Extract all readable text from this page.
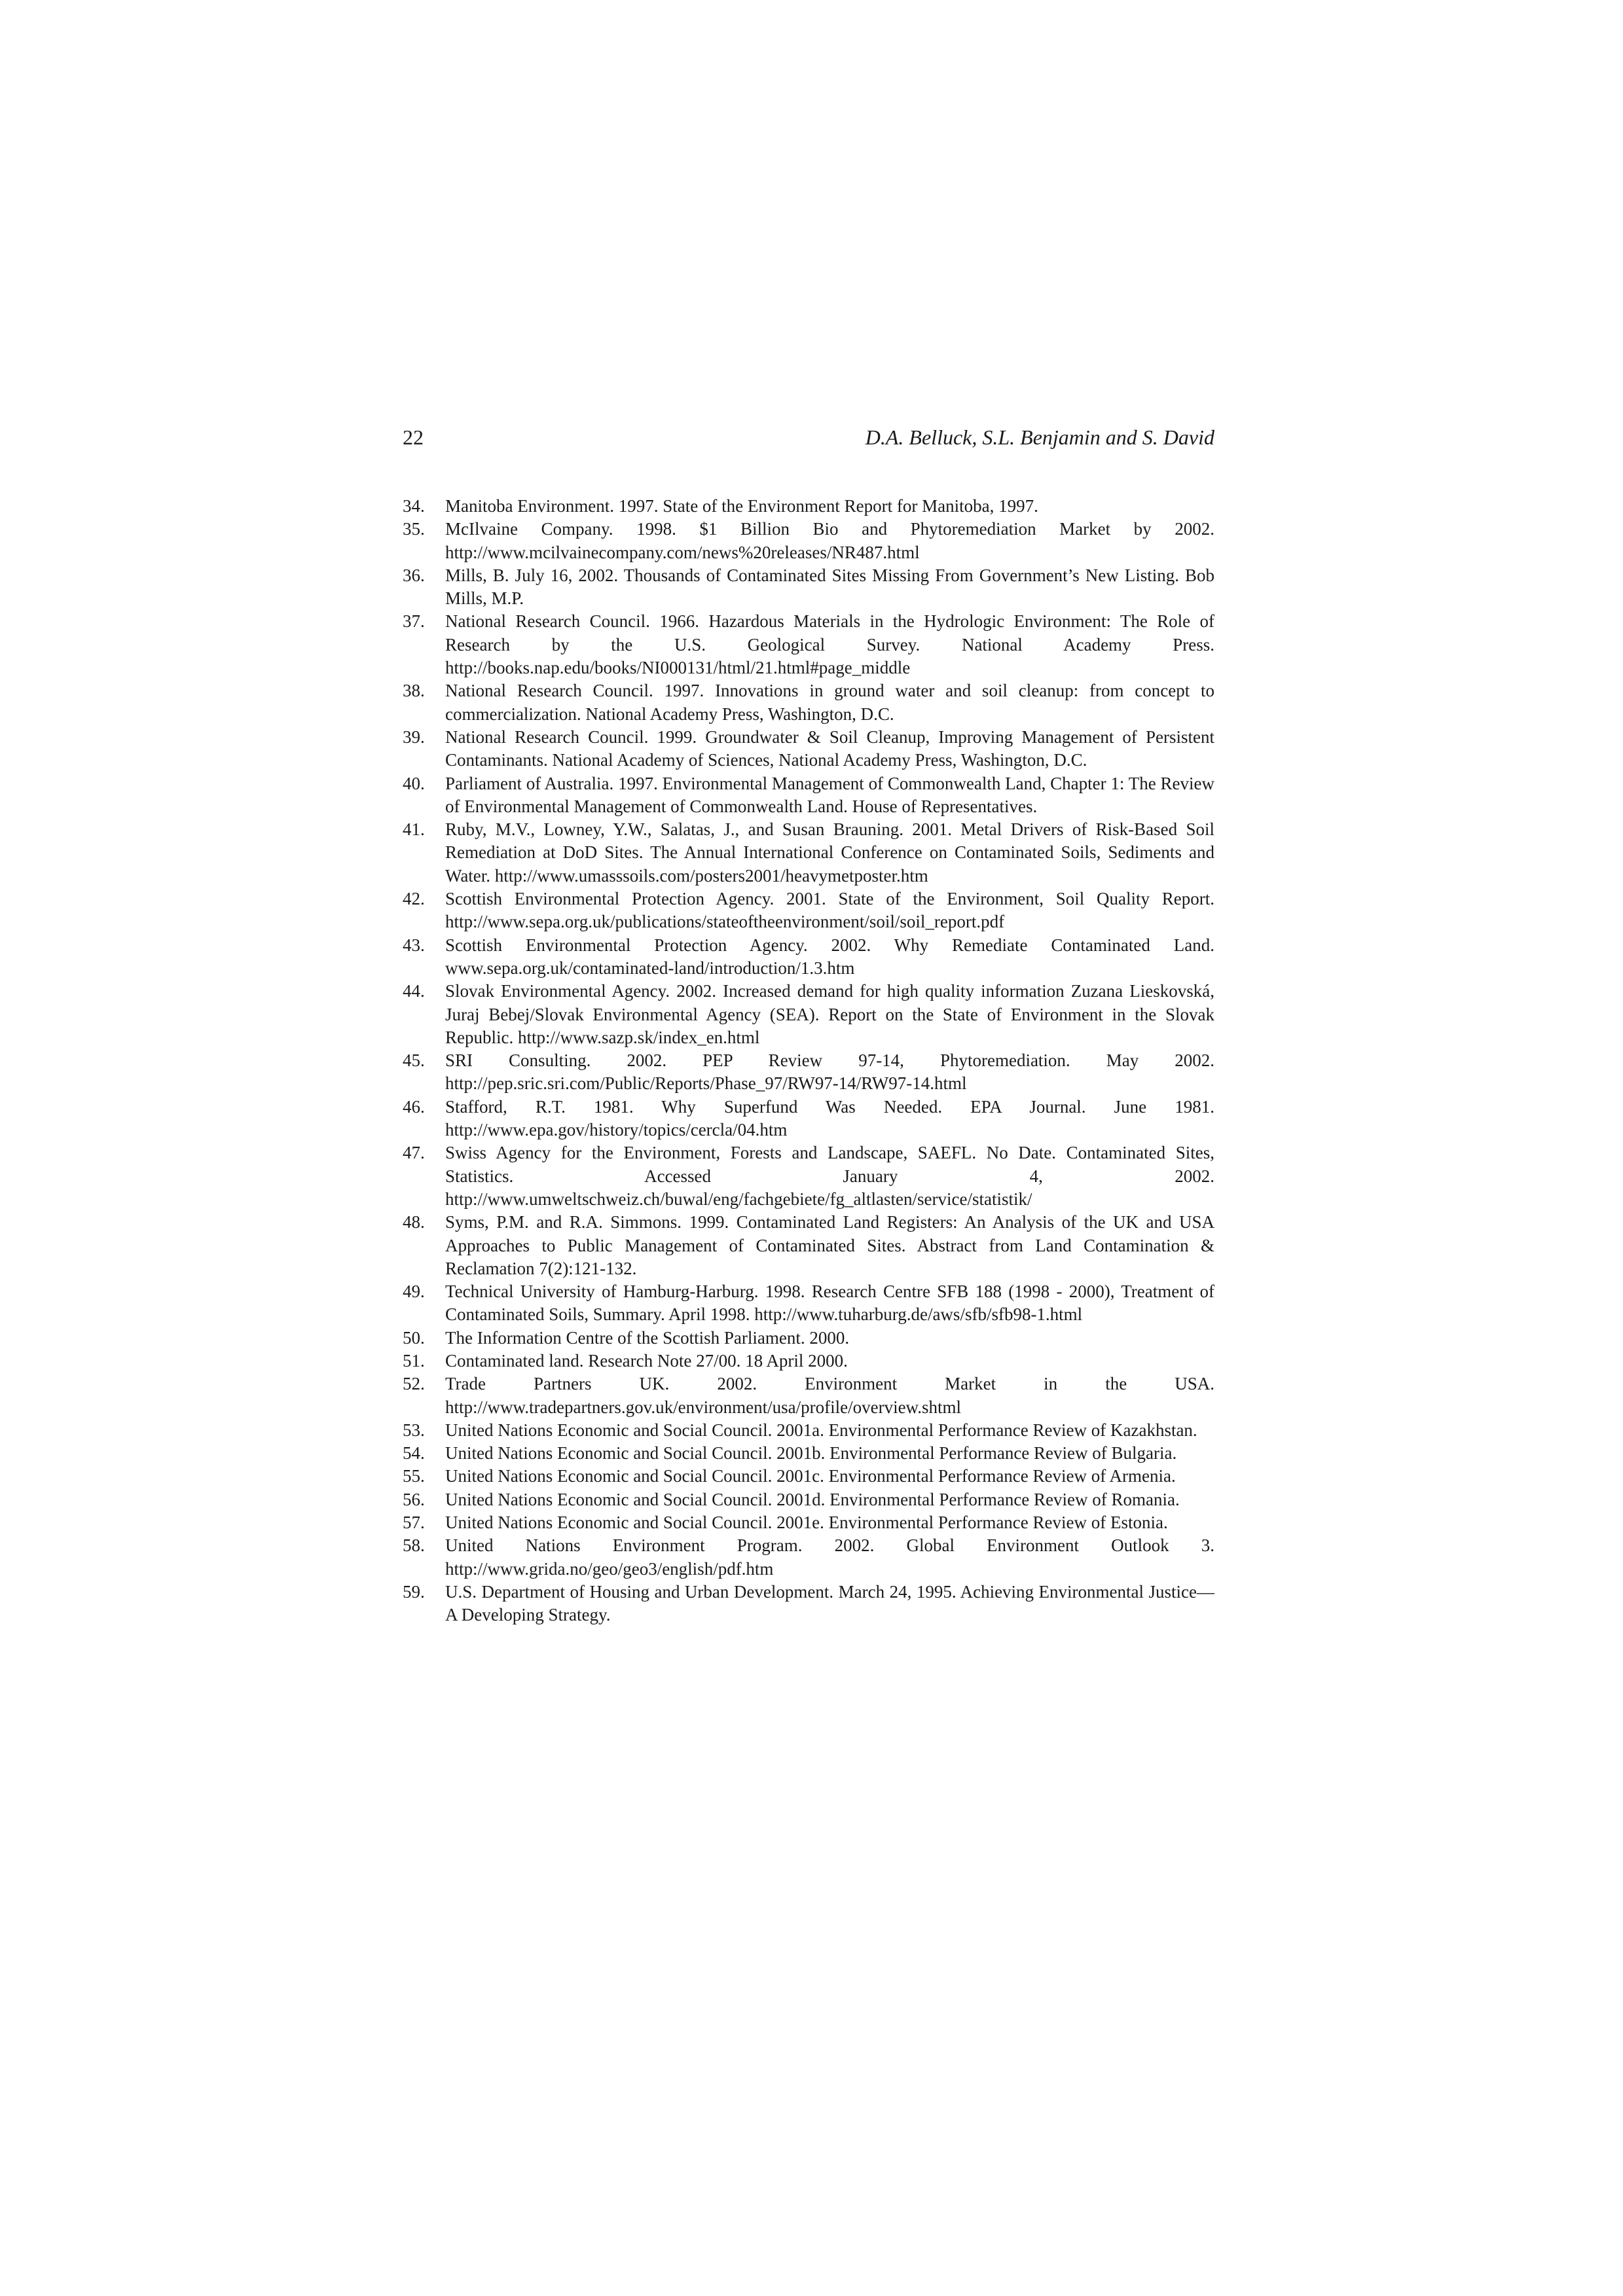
22	D.A. Belluck, S.L. Benjamin and S. David
34. Manitoba Environment. 1997. State of the Environment Report for Manitoba, 1997.
35. McIlvaine Company. 1998. $1 Billion Bio and Phytoremediation Market by 2002. http://www.mcilvainecompany.com/news%20releases/NR487.html
36. Mills, B. July 16, 2002. Thousands of Contaminated Sites Missing From Government’s New Listing. Bob Mills, M.P.
37. National Research Council. 1966. Hazardous Materials in the Hydrologic Environment: The Role of Research by the U.S. Geological Survey. National Academy Press. http://books.nap.edu/books/NI000131/html/21.html#page_middle
38. National Research Council. 1997. Innovations in ground water and soil cleanup: from concept to commercialization. National Academy Press, Washington, D.C.
39. National Research Council. 1999. Groundwater & Soil Cleanup, Improving Management of Persistent Contaminants. National Academy of Sciences, National Academy Press, Washington, D.C.
40. Parliament of Australia. 1997. Environmental Management of Commonwealth Land, Chapter 1: The Review of Environmental Management of Commonwealth Land. House of Representatives.
41. Ruby, M.V., Lowney, Y.W., Salatas, J., and Susan Brauning. 2001. Metal Drivers of Risk-Based Soil Remediation at DoD Sites. The Annual International Conference on Contaminated Soils, Sediments and Water. http://www.umasssoils.com/posters2001/heavymetposter.htm
42. Scottish Environmental Protection Agency. 2001. State of the Environment, Soil Quality Report. http://www.sepa.org.uk/publications/stateoftheenvironment/soil/soil_report.pdf
43. Scottish Environmental Protection Agency. 2002. Why Remediate Contaminated Land. www.sepa.org.uk/contaminated-land/introduction/1.3.htm
44. Slovak Environmental Agency. 2002. Increased demand for high quality information Zuzana Lieskovská, Juraj Bebej/Slovak Environmental Agency (SEA). Report on the State of Environment in the Slovak Republic. http://www.sazp.sk/index_en.html
45. SRI Consulting. 2002. PEP Review 97-14, Phytoremediation. May 2002. http://pep.sric.sri.com/Public/Reports/Phase_97/RW97-14/RW97-14.html
46. Stafford, R.T. 1981. Why Superfund Was Needed. EPA Journal. June 1981. http://www.epa.gov/history/topics/cercla/04.htm
47. Swiss Agency for the Environment, Forests and Landscape, SAEFL. No Date. Contaminated Sites, Statistics. Accessed January 4, 2002. http://www.umweltschweiz.ch/buwal/eng/fachgebiete/fg_altlasten/service/statistik/
48. Syms, P.M. and R.A. Simmons. 1999. Contaminated Land Registers: An Analysis of the UK and USA Approaches to Public Management of Contaminated Sites. Abstract from Land Contamination & Reclamation 7(2):121-132.
49. Technical University of Hamburg-Harburg. 1998. Research Centre SFB 188 (1998 - 2000), Treatment of Contaminated Soils, Summary. April 1998. http://www.tuharburg.de/aws/sfb/sfb98-1.html
50. The Information Centre of the Scottish Parliament. 2000.
51. Contaminated land. Research Note 27/00. 18 April 2000.
52. Trade Partners UK. 2002. Environment Market in the USA. http://www.tradepartners.gov.uk/environment/usa/profile/overview.shtml
53. United Nations Economic and Social Council. 2001a. Environmental Performance Review of Kazakhstan.
54. United Nations Economic and Social Council. 2001b. Environmental Performance Review of Bulgaria.
55. United Nations Economic and Social Council. 2001c. Environmental Performance Review of Armenia.
56. United Nations Economic and Social Council. 2001d. Environmental Performance Review of Romania.
57. United Nations Economic and Social Council. 2001e. Environmental Performance Review of Estonia.
58. United Nations Environment Program. 2002. Global Environment Outlook 3. http://www.grida.no/geo/geo3/english/pdf.htm
59. U.S. Department of Housing and Urban Development. March 24, 1995. Achieving Environmental Justice—A Developing Strategy.
